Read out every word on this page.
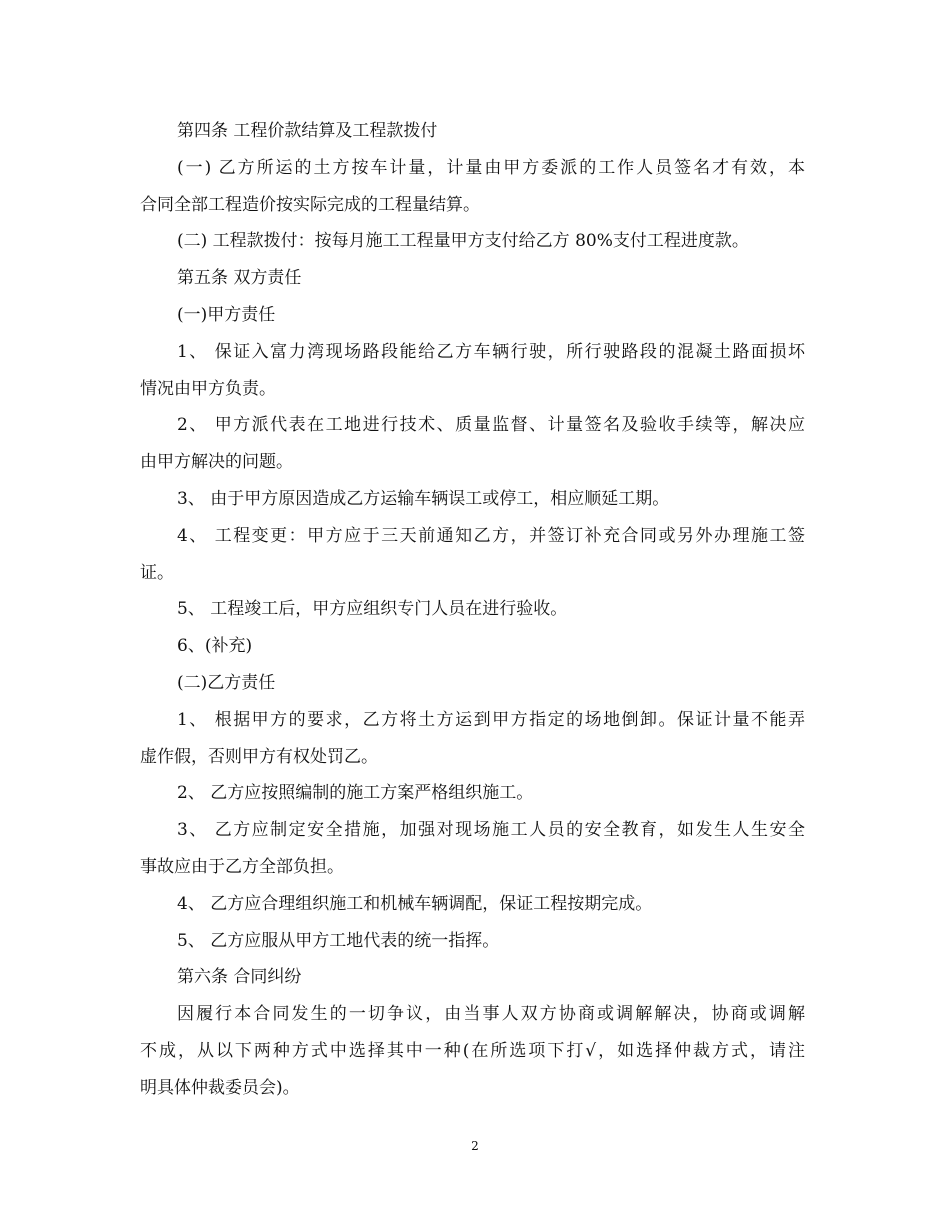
第四条 工程价款结算及工程款拨付
(一) 乙方所运的土方按车计量，计量由甲方委派的工作人员签名才有效，本
合同全部工程造价按实际完成的工程量结算。
(二) 工程款拨付：按每月施工工程量甲方支付给乙方 80%支付工程进度款。
第五条 双方责任
(一)甲方责任
1、 保证入富力湾现场路段能给乙方车辆行驶，所行驶路段的混凝土路面损坏
情况由甲方负责。
2、 甲方派代表在工地进行技术、质量监督、计量签名及验收手续等，解决应
由甲方解决的问题。
3、 由于甲方原因造成乙方运输车辆误工或停工，相应顺延工期。
4、 工程变更：甲方应于三天前通知乙方，并签订补充合同或另外办理施工签
证。
5、 工程竣工后，甲方应组织专门人员在进行验收。
6、(补充)
(二)乙方责任
1、 根据甲方的要求，乙方将土方运到甲方指定的场地倒卸。保证计量不能弄
虚作假，否则甲方有权处罚乙。
2、 乙方应按照编制的施工方案严格组织施工。
3、 乙方应制定安全措施，加强对现场施工人员的安全教育，如发生人生安全
事故应由于乙方全部负担。
4、 乙方应合理组织施工和机械车辆调配，保证工程按期完成。
5、 乙方应服从甲方工地代表的统一指挥。
第六条 合同纠纷
因履行本合同发生的一切争议，由当事人双方协商或调解解决，协商或调解
不成，从以下两种方式中选择其中一种(在所选项下打√，如选择仲裁方式，请注
明具体仲裁委员会)。
2
